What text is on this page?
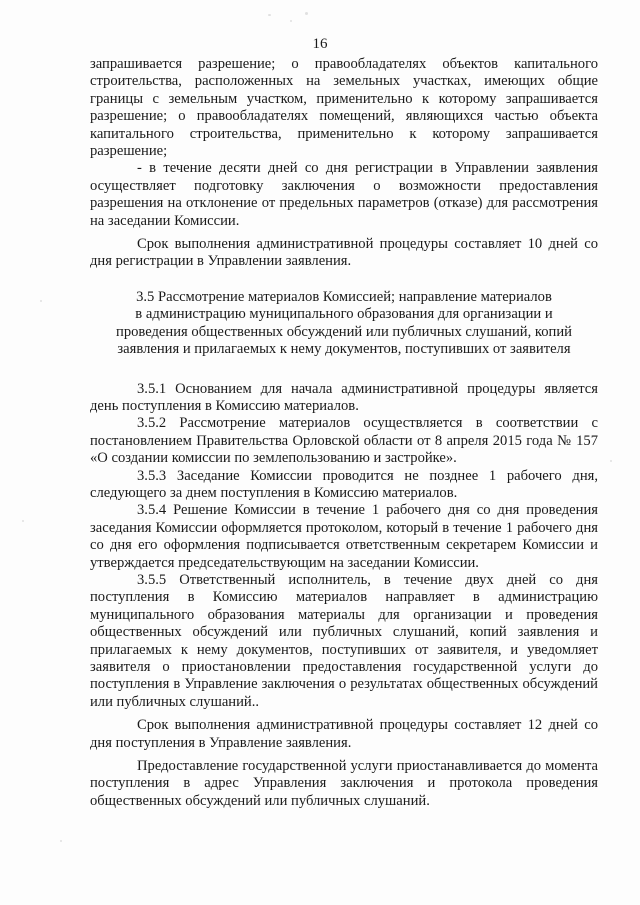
16

запрашивается разрешение; о правообладателях объектов капитального строительства, расположенных на земельных участках, имеющих общие границы с земельным участком, применительно к которому запрашивается разрешение; о правообладателях помещений, являющихся частью объекта капитального строительства, применительно к которому запрашивается разрешение;

- в течение десяти дней со дня регистрации в Управлении заявления осуществляет подготовку заключения о возможности предоставления разрешения на отклонение от предельных параметров (отказе) для рассмотрения на заседании Комиссии.

Срок выполнения административной процедуры составляет 10 дней со дня регистрации в Управлении заявления.

3.5 Рассмотрение материалов Комиссией; направление материалов

в администрацию муниципального образования для организации и

проведения общественных обсуждений или публичных слушаний, копий

заявления и прилагаемых к нему документов, поступивших от заявителя

3.5.1 Основанием для начала административной процедуры является день поступления в Комиссию материалов.

3.5.2 Рассмотрение материалов осуществляется в соответствии с постановлением Правительства Орловской области от 8 апреля 2015 года № 157 «О создании комиссии по землепользованию и застройке».

3.5.3 Заседание Комиссии проводится не позднее 1 рабочего дня, следующего за днем поступления в Комиссию материалов.

3.5.4 Решение Комиссии в течение 1 рабочего дня со дня проведения заседания Комиссии оформляется протоколом, который в течение 1 рабочего дня со дня его оформления подписывается ответственным секретарем Комиссии и утверждается председательствующим на заседании Комиссии.

3.5.5 Ответственный исполнитель, в течение двух дней со дня поступления в Комиссию материалов направляет в администрацию муниципального образования материалы для организации и проведения общественных обсуждений или публичных слушаний, копий заявления и прилагаемых к нему документов, поступивших от заявителя, и уведомляет заявителя о приостановлении предоставления государственной услуги до поступления в Управление заключения о результатах общественных обсуждений или публичных слушаний..

Срок выполнения административной процедуры составляет 12 дней со дня поступления в Управление заявления.

Предоставление государственной услуги приостанавливается до момента поступления в адрес Управления заключения и протокола проведения общественных обсуждений или публичных слушаний.
